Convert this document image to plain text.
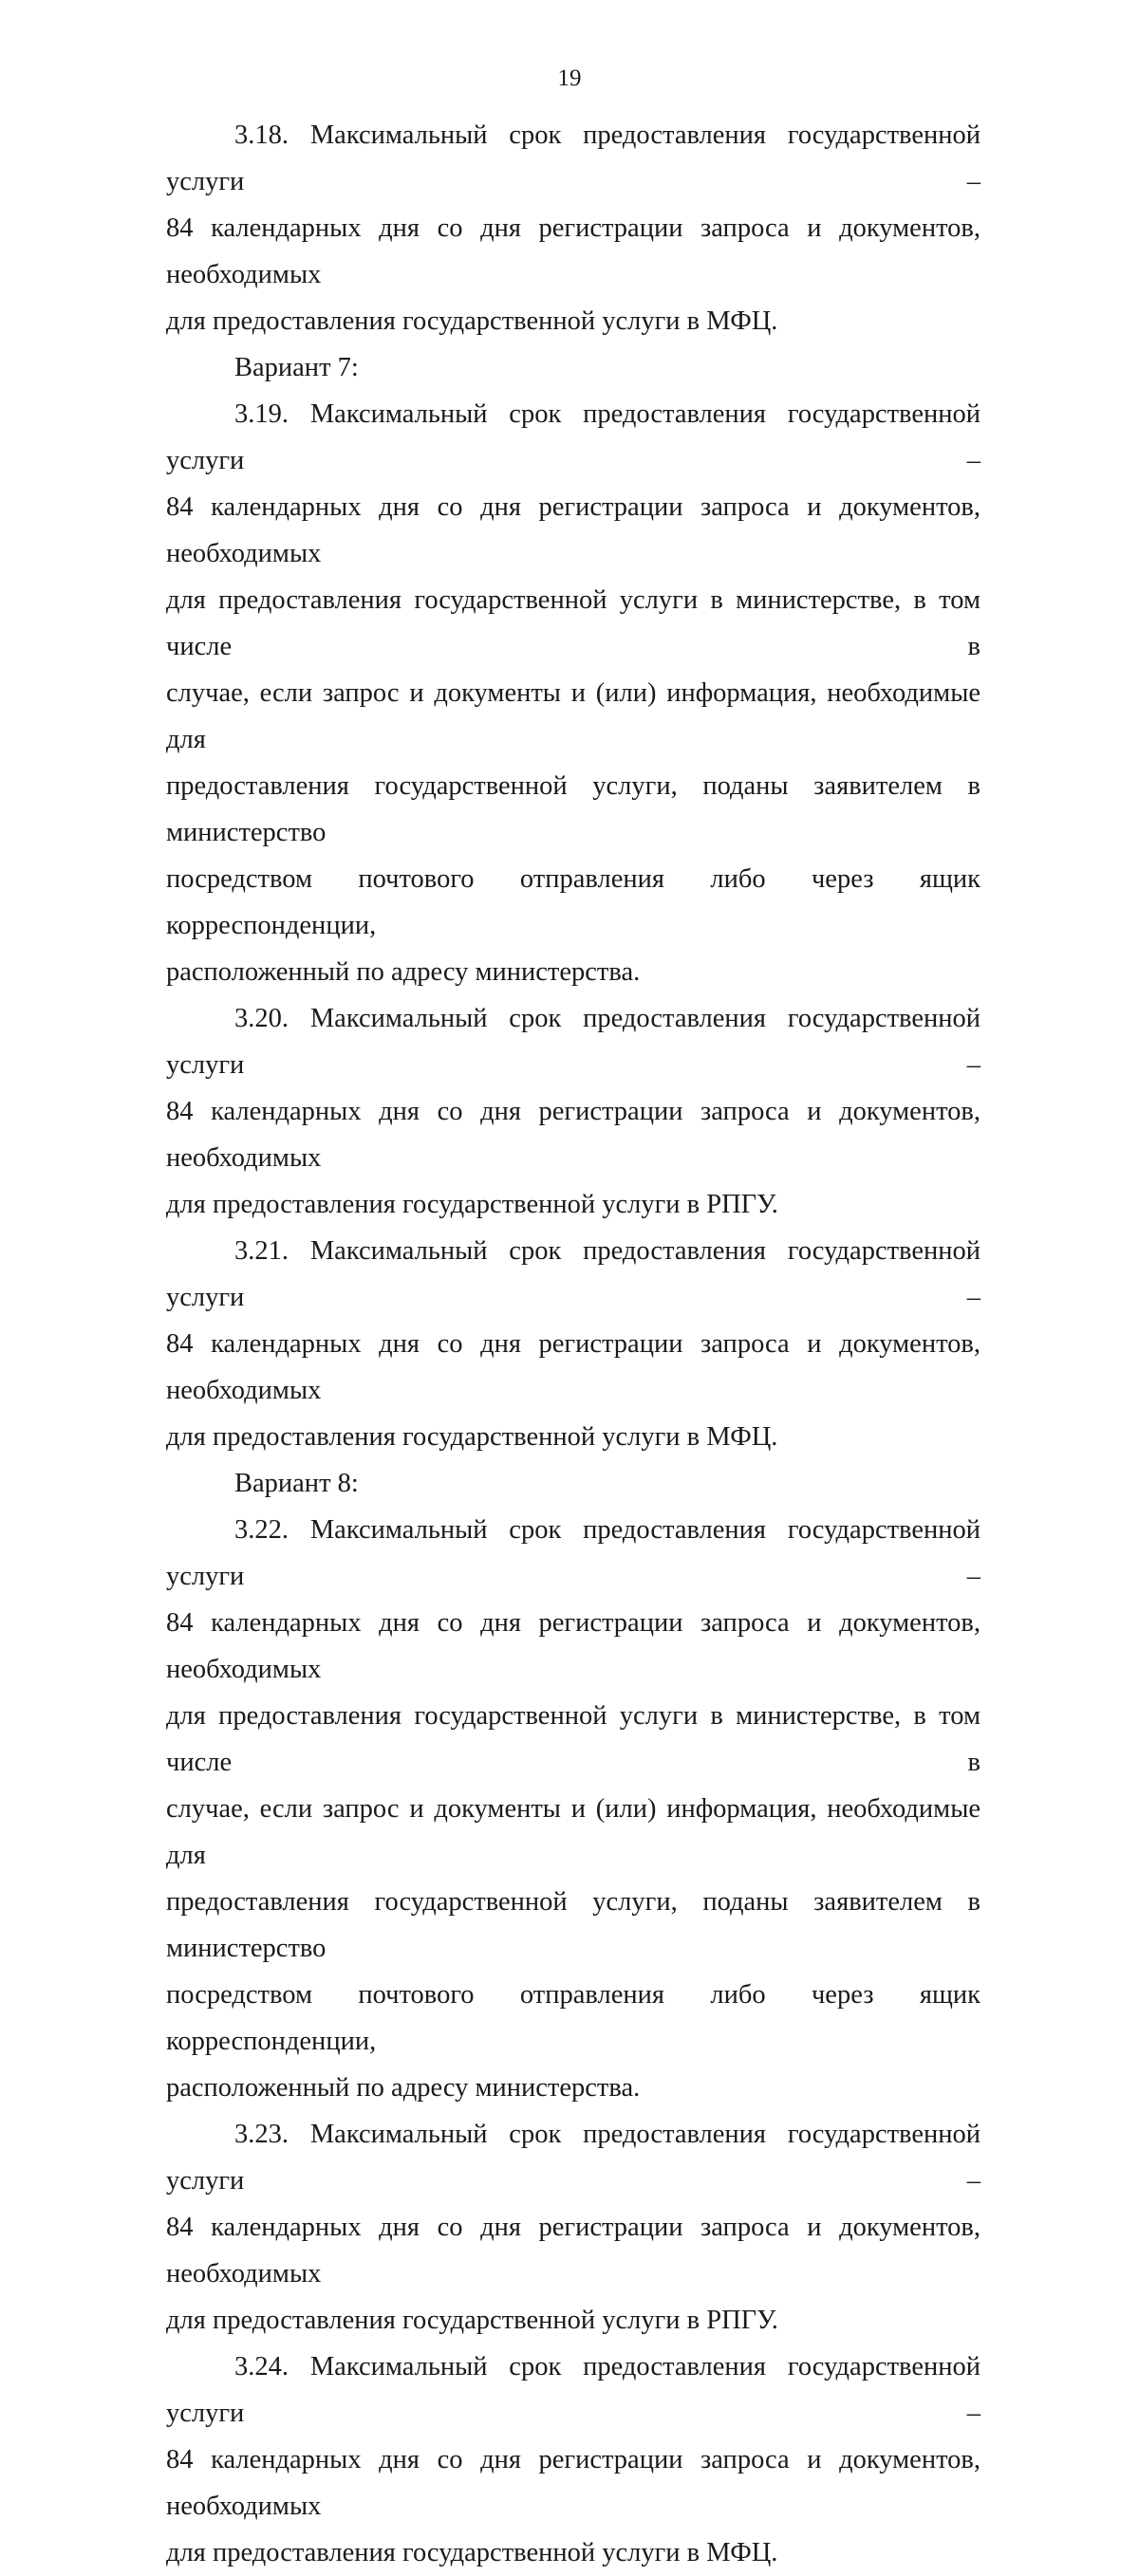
19

3.18. Максимальный срок предоставления государственной услуги –
84 календарных дня со дня регистрации запроса и документов, необходимых
для предоставления государственной услуги в МФЦ.

Вариант 7:

3.19. Максимальный срок предоставления государственной услуги –
84 календарных дня со дня регистрации запроса и документов, необходимых
для предоставления государственной услуги в министерстве, в том числе в
случае, если запрос и документы и (или) информация, необходимые для
предоставления государственной услуги, поданы заявителем в министерство
посредством почтового отправления либо через ящик корреспонденции,
расположенный по адресу министерства.

3.20. Максимальный срок предоставления государственной услуги –
84 календарных дня со дня регистрации запроса и документов, необходимых
для предоставления государственной услуги в РПГУ.

3.21. Максимальный срок предоставления государственной услуги –
84 календарных дня со дня регистрации запроса и документов, необходимых
для предоставления государственной услуги в МФЦ.

Вариант 8:

3.22. Максимальный срок предоставления государственной услуги –
84 календарных дня со дня регистрации запроса и документов, необходимых
для предоставления государственной услуги в министерстве, в том числе в
случае, если запрос и документы и (или) информация, необходимые для
предоставления государственной услуги, поданы заявителем в министерство
посредством почтового отправления либо через ящик корреспонденции,
расположенный по адресу министерства.

3.23. Максимальный срок предоставления государственной услуги –
84 календарных дня со дня регистрации запроса и документов, необходимых
для предоставления государственной услуги в РПГУ.

3.24. Максимальный срок предоставления государственной услуги –
84 календарных дня со дня регистрации запроса и документов, необходимых
для предоставления государственной услуги в МФЦ.
